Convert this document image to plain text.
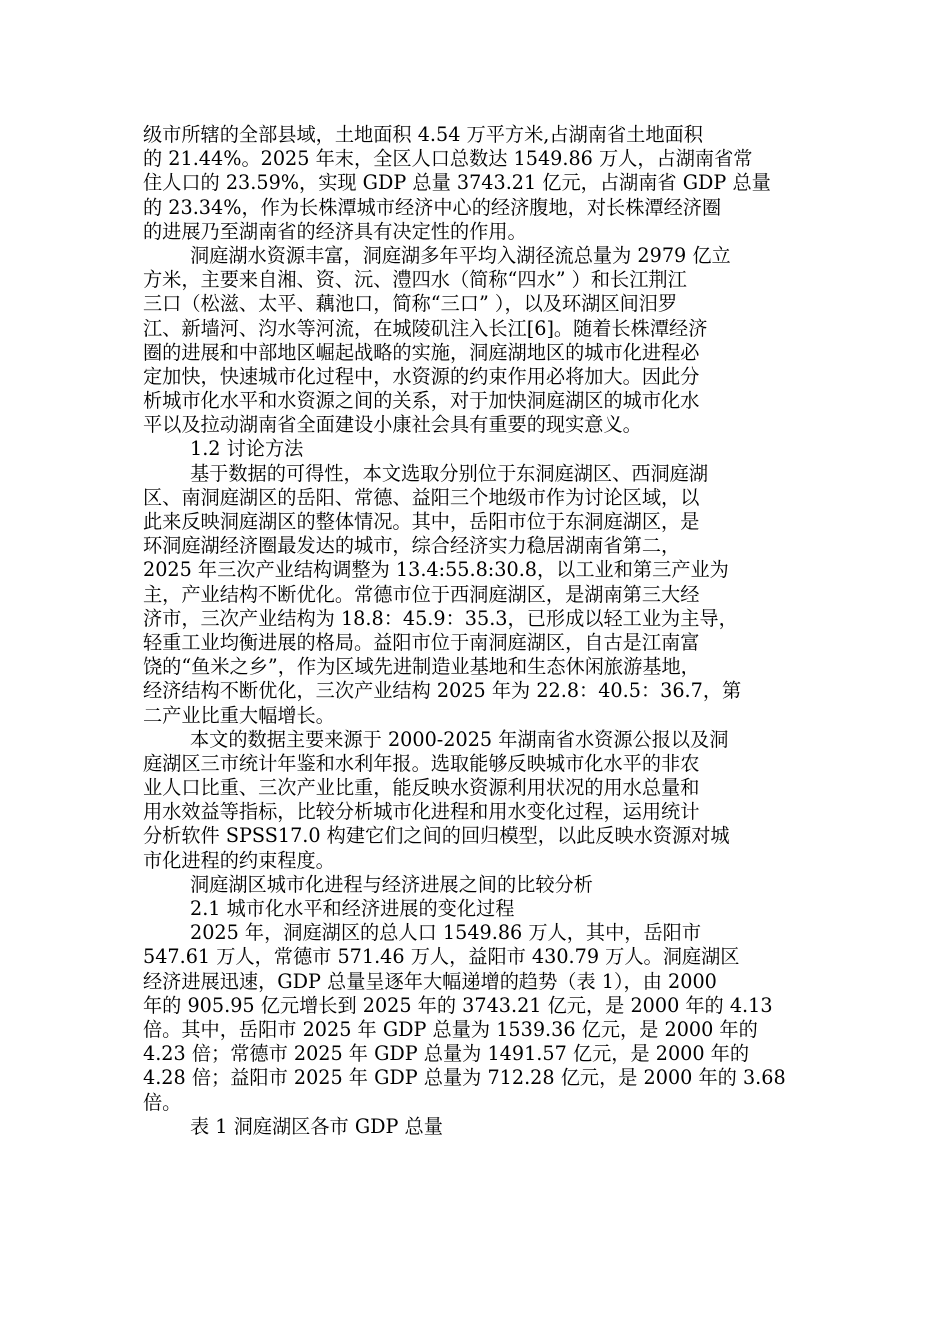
级市所辖的全部县域，土地面积 4.54 万平方米,占湖南省土地面积
的 21.44%。2025 年末，全区人口总数达 1549.86 万人，占湖南省常
住人口的 23.59%，实现 GDP 总量 3743.21 亿元，占湖南省 GDP 总量
的 23.34%，作为长株潭城市经济中心的经济腹地，对长株潭经济圈
的进展乃至湖南省的经济具有决定性的作用。
洞庭湖水资源丰富，洞庭湖多年平均入湖径流总量为 2979 亿立
方米，主要来自湘、资、沅、澧四水（简称“四水” ）和长江荆江
三口（松滋、太平、藕池口，简称“三口” ），以及环湖区间汨罗
江、新墙河、汮水等河流，在城陵矶注入长江[6]。随着长株潭经济
圈的进展和中部地区崛起战略的实施，洞庭湖地区的城市化进程必
定加快，快速城市化过程中，水资源的约束作用必将加大。因此分
析城市化水平和水资源之间的关系，对于加快洞庭湖区的城市化水
平以及拉动湖南省全面建设小康社会具有重要的现实意义。
1.2 讨论方法
基于数据的可得性，本文选取分别位于东洞庭湖区、西洞庭湖
区、南洞庭湖区的岳阳、常德、益阳三个地级市作为讨论区域，以
此来反映洞庭湖区的整体情况。其中，岳阳市位于东洞庭湖区，是
环洞庭湖经济圈最发达的城市，综合经济实力稳居湖南省第二，
2025 年三次产业结构调整为 13.4:55.8:30.8，以工业和第三产业为
主，产业结构不断优化。常德市位于西洞庭湖区，是湖南第三大经
济市，三次产业结构为 18.8：45.9：35.3，已形成以轻工业为主导，
轻重工业均衡进展的格局。益阳市位于南洞庭湖区，自古是江南富
饶的“鱼米之乡”，作为区域先进制造业基地和生态休闲旅游基地，
经济结构不断优化，三次产业结构 2025 年为 22.8：40.5：36.7，第
二产业比重大幅增长。
本文的数据主要来源于 2000-2025 年湖南省水资源公报以及洞
庭湖区三市统计年鉴和水利年报。选取能够反映城市化水平的非农
业人口比重、三次产业比重，能反映水资源利用状况的用水总量和
用水效益等指标，比较分析城市化进程和用水变化过程，运用统计
分析软件 SPSS17.0 构建它们之间的回归模型，以此反映水资源对城
市化进程的约束程度。
洞庭湖区城市化进程与经济进展之间的比较分析
2.1 城市化水平和经济进展的变化过程
2025 年，洞庭湖区的总人口 1549.86 万人，其中，岳阳市
547.61 万人，常德市 571.46 万人，益阳市 430.79 万人。洞庭湖区
经济进展迅速，GDP 总量呈逐年大幅递增的趋势（表 1），由 2000
年的 905.95 亿元增长到 2025 年的 3743.21 亿元，是 2000 年的 4.13
倍。其中，岳阳市 2025 年 GDP 总量为 1539.36 亿元，是 2000 年的
4.23 倍；常德市 2025 年 GDP 总量为 1491.57 亿元，是 2000 年的
4.28 倍；益阳市 2025 年 GDP 总量为 712.28 亿元，是 2000 年的 3.68
倍。
表 1 洞庭湖区各市 GDP 总量
